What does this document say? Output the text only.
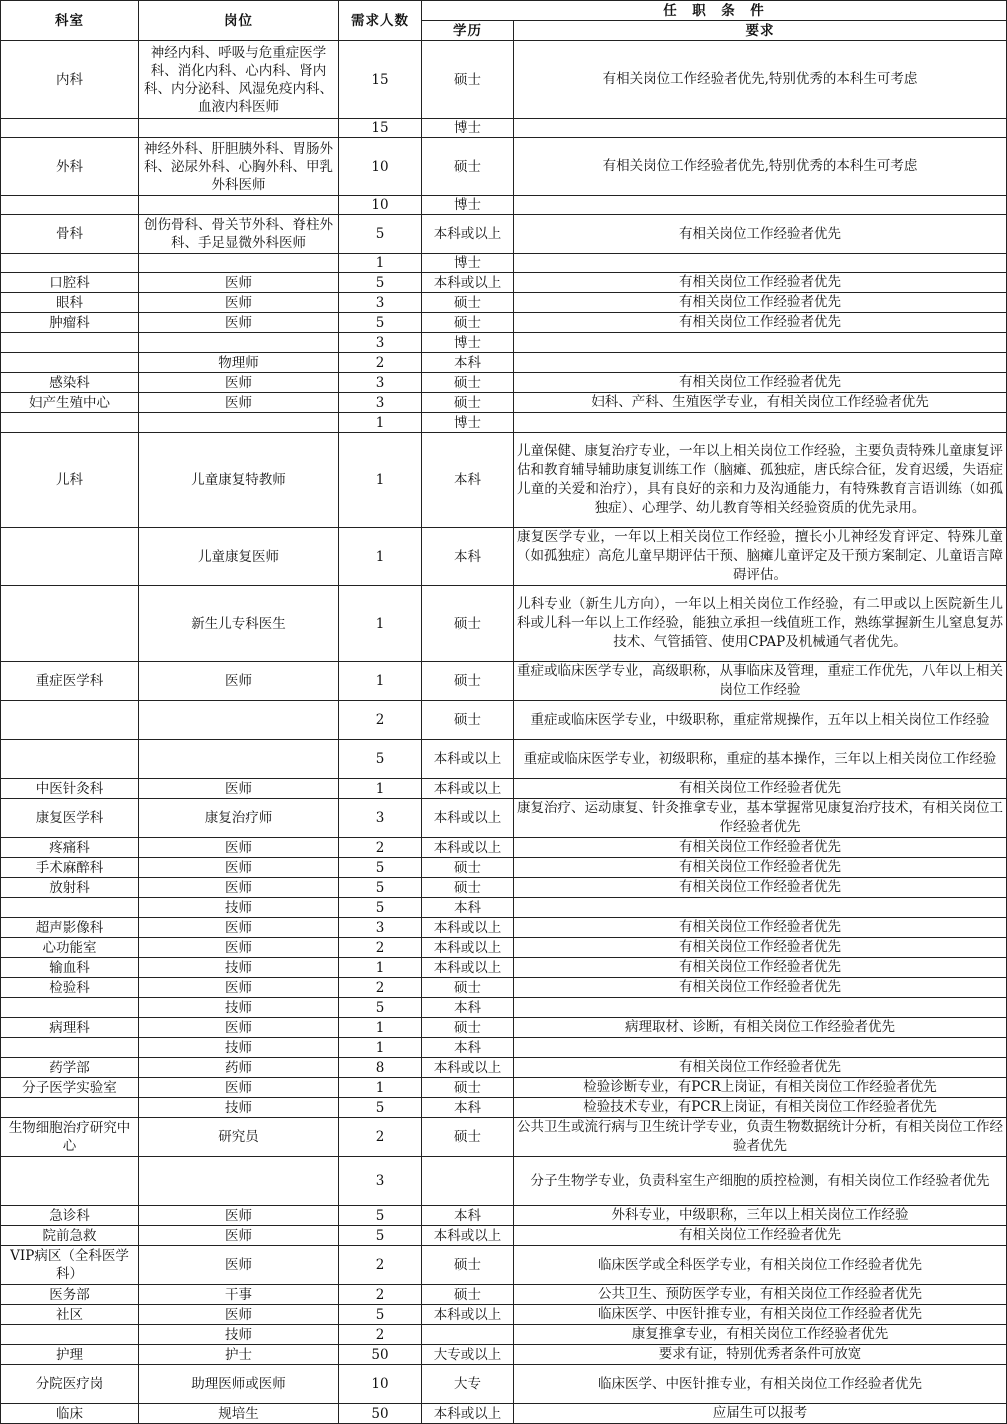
科室	岗位	需求人数	任　职　条　件	
			学历	要求
内科	神经内科、呼吸与危重症医学科、消化内科、心内科、肾内科、内分泌科、风湿免疫内科、血液内科医师	15	硕士	有相关岗位工作经验者优先,特别优秀的本科生可考虑
		15	博士	
外科	神经外科、肝胆胰外科、胃肠外科、泌尿外科、心胸外科、甲乳外科医师	10	硕士	有相关岗位工作经验者优先,特别优秀的本科生可考虑
		10	博士	
骨科	创伤骨科、骨关节外科、脊柱外科、手足显微外科医师	5	本科或以上	有相关岗位工作经验者优先
		1	博士	
口腔科	医师	5	本科或以上	有相关岗位工作经验者优先
眼科	医师	3	硕士	有相关岗位工作经验者优先
肿瘤科	医师	5	硕士	有相关岗位工作经验者优先
		3	博士	
	物理师	2	本科	
感染科	医师	3	硕士	有相关岗位工作经验者优先
妇产生殖中心	医师	3	硕士	妇科、产科、生殖医学专业，有相关岗位工作经验者优先
		1	博士	
儿科	儿童康复特教师	1	本科	儿童保健、康复治疗专业，一年以上相关岗位工作经验，主要负责特殊儿童康复评估和教育辅导辅助康复训练工作（脑瘫、孤独症，唐氏综合征，发育迟缓，失语症儿童的关爱和治疗），具有良好的亲和力及沟通能力，有特殊教育言语训练（如孤独症）、心理学、幼儿教育等相关经验资质的优先录用。
	儿童康复医师	1	本科	康复医学专业，一年以上相关岗位工作经验，擅长小儿神经发育评定、特殊儿童（如孤独症）高危儿童早期评估干预、脑瘫儿童评定及干预方案制定、儿童语言障碍评估。
	新生儿专科医生	1	硕士	儿科专业（新生儿方向），一年以上相关岗位工作经验，有二甲或以上医院新生儿科或儿科一年以上工作经验，能独立承担一线值班工作，熟练掌握新生儿窒息复苏技术、气管插管、使用CPAP及机械通气者优先。
重症医学科	医师	1	硕士	重症或临床医学专业，高级职称，从事临床及管理，重症工作优先，八年以上相关岗位工作经验
		2	硕士	重症或临床医学专业，中级职称，重症常规操作，五年以上相关岗位工作经验
		5	本科或以上	重症或临床医学专业，初级职称，重症的基本操作，三年以上相关岗位工作经验
中医针灸科	医师	1	本科或以上	有相关岗位工作经验者优先
康复医学科	康复治疗师	3	本科或以上	康复治疗、运动康复、针灸推拿专业，基本掌握常见康复治疗技术，有相关岗位工作经验者优先
疼痛科	医师	2	本科或以上	有相关岗位工作经验者优先
手术麻醉科	医师	5	硕士	有相关岗位工作经验者优先
放射科	医师	5	硕士	有相关岗位工作经验者优先
	技师	5	本科	
超声影像科	医师	3	本科或以上	有相关岗位工作经验者优先
心功能室	医师	2	本科或以上	有相关岗位工作经验者优先
输血科	技师	1	本科或以上	有相关岗位工作经验者优先
检验科	医师	2	硕士	有相关岗位工作经验者优先
	技师	5	本科	
病理科	医师	1	硕士	病理取材、诊断，有相关岗位工作经验者优先
	技师	1	本科	
药学部	药师	8	本科或以上	有相关岗位工作经验者优先
分子医学实验室	医师	1	硕士	检验诊断专业，有PCR上岗证，有相关岗位工作经验者优先
	技师	5	本科	检验技术专业，有PCR上岗证，有相关岗位工作经验者优先
生物细胞治疗研究中心	研究员	2	硕士	公共卫生或流行病与卫生统计学专业，负责生物数据统计分析，有相关岗位工作经验者优先
		3		分子生物学专业，负责科室生产细胞的质控检测，有相关岗位工作经验者优先
急诊科	医师	5	本科	外科专业，中级职称，三年以上相关岗位工作经验
院前急救	医师	5	本科或以上	有相关岗位工作经验者优先
VIP病区（全科医学科）	医师	2	硕士	临床医学或全科医学专业，有相关岗位工作经验者优先
医务部	干事	2	硕士	公共卫生、预防医学专业，有相关岗位工作经验者优先
社区	医师	5	本科或以上	临床医学、中医针推专业，有相关岗位工作经验者优先
	技师	2		康复推拿专业，有相关岗位工作经验者优先
护理	护士	50	大专或以上	要求有证，特别优秀者条件可放宽
分院医疗岗	助理医师或医师	10	大专	临床医学、中医针推专业，有相关岗位工作经验者优先
临床	规培生	50	本科或以上	应届生可以报考
